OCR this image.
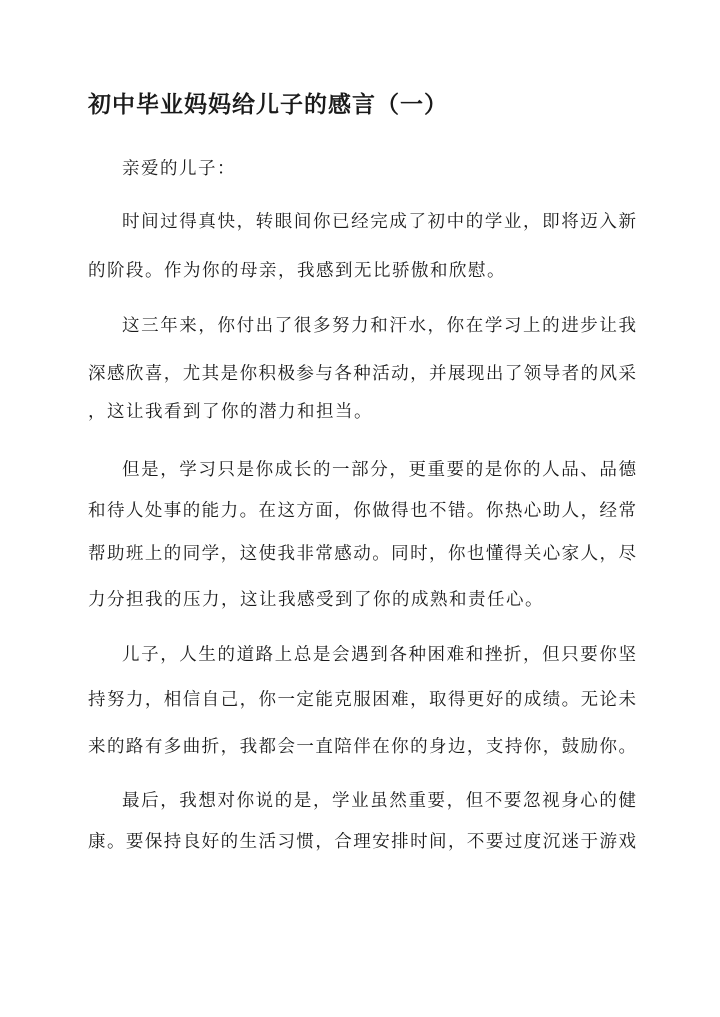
初中毕业妈妈给儿子的感言（一）
亲爱的儿子：
时间过得真快，转眼间你已经完成了初中的学业，即将迈入新
的阶段。作为你的母亲，我感到无比骄傲和欣慰。
这三年来，你付出了很多努力和汗水，你在学习上的进步让我
深感欣喜，尤其是你积极参与各种活动，并展现出了领导者的风采
，这让我看到了你的潜力和担当。
但是，学习只是你成长的一部分，更重要的是你的人品、品德
和待人处事的能力。在这方面，你做得也不错。你热心助人，经常
帮助班上的同学，这使我非常感动。同时，你也懂得关心家人，尽
力分担我的压力，这让我感受到了你的成熟和责任心。
儿子，人生的道路上总是会遇到各种困难和挫折，但只要你坚
持努力，相信自己，你一定能克服困难，取得更好的成绩。无论未
来的路有多曲折，我都会一直陪伴在你的身边，支持你，鼓励你。
最后，我想对你说的是，学业虽然重要，但不要忽视身心的健
康。要保持良好的生活习惯，合理安排时间，不要过度沉迷于游戏
